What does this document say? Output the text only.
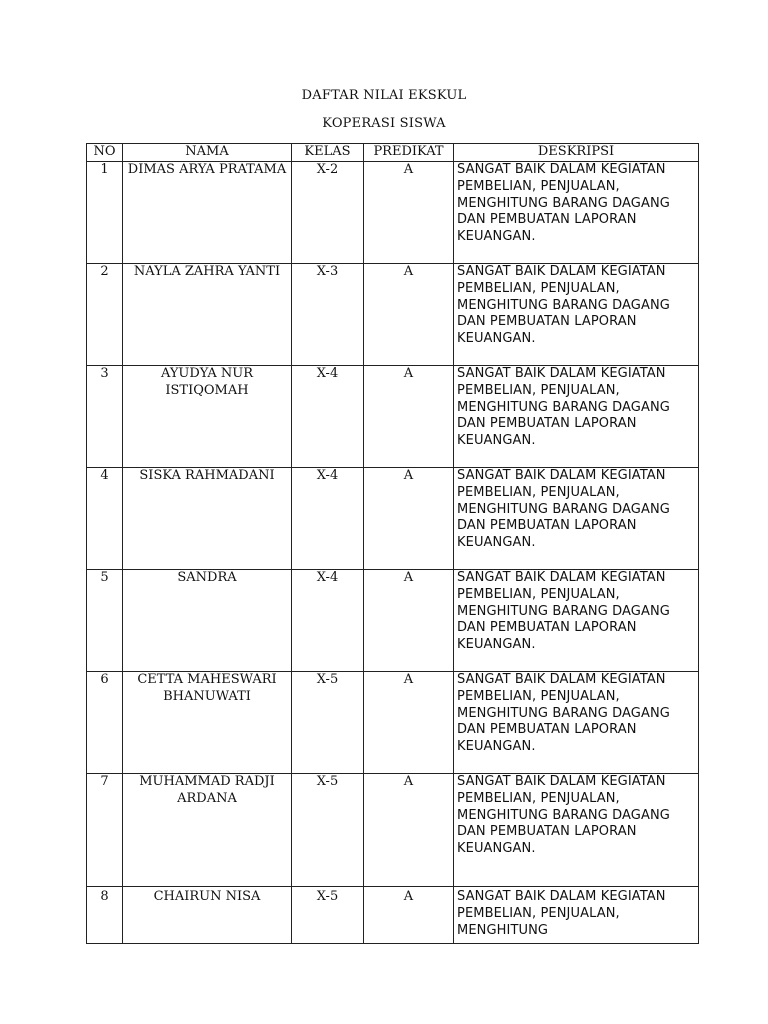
DAFTAR NILAI EKSKUL
KOPERASI SISWA
NO	NAMA	KELAS	PREDIKAT	DESKRIPSI
1	DIMAS ARYA PRATAMA	X-2	A	SANGAT BAIK DALAM KEGIATAN PEMBELIAN, PENJUALAN, MENGHITUNG BARANG DAGANG DAN PEMBUATAN LAPORAN KEUANGAN.
2	NAYLA ZAHRA YANTI	X-3	A	SANGAT BAIK DALAM KEGIATAN PEMBELIAN, PENJUALAN, MENGHITUNG BARANG DAGANG DAN PEMBUATAN LAPORAN KEUANGAN.
3	AYUDYA NUR ISTIQOMAH	X-4	A	SANGAT BAIK DALAM KEGIATAN PEMBELIAN, PENJUALAN, MENGHITUNG BARANG DAGANG DAN PEMBUATAN LAPORAN KEUANGAN.
4	SISKA RAHMADANI	X-4	A	SANGAT BAIK DALAM KEGIATAN PEMBELIAN, PENJUALAN, MENGHITUNG BARANG DAGANG DAN PEMBUATAN LAPORAN KEUANGAN.
5	SANDRA	X-4	A	SANGAT BAIK DALAM KEGIATAN PEMBELIAN, PENJUALAN, MENGHITUNG BARANG DAGANG DAN PEMBUATAN LAPORAN KEUANGAN.
6	CETTA MAHESWARI BHANUWATI	X-5	A	SANGAT BAIK DALAM KEGIATAN PEMBELIAN, PENJUALAN, MENGHITUNG BARANG DAGANG DAN PEMBUATAN LAPORAN KEUANGAN.
7	MUHAMMAD RADJI ARDANA	X-5	A	SANGAT BAIK DALAM KEGIATAN PEMBELIAN, PENJUALAN, MENGHITUNG BARANG DAGANG DAN PEMBUATAN LAPORAN KEUANGAN.
8	CHAIRUN NISA	X-5	A	SANGAT BAIK DALAM KEGIATAN PEMBELIAN, PENJUALAN, MENGHITUNG
